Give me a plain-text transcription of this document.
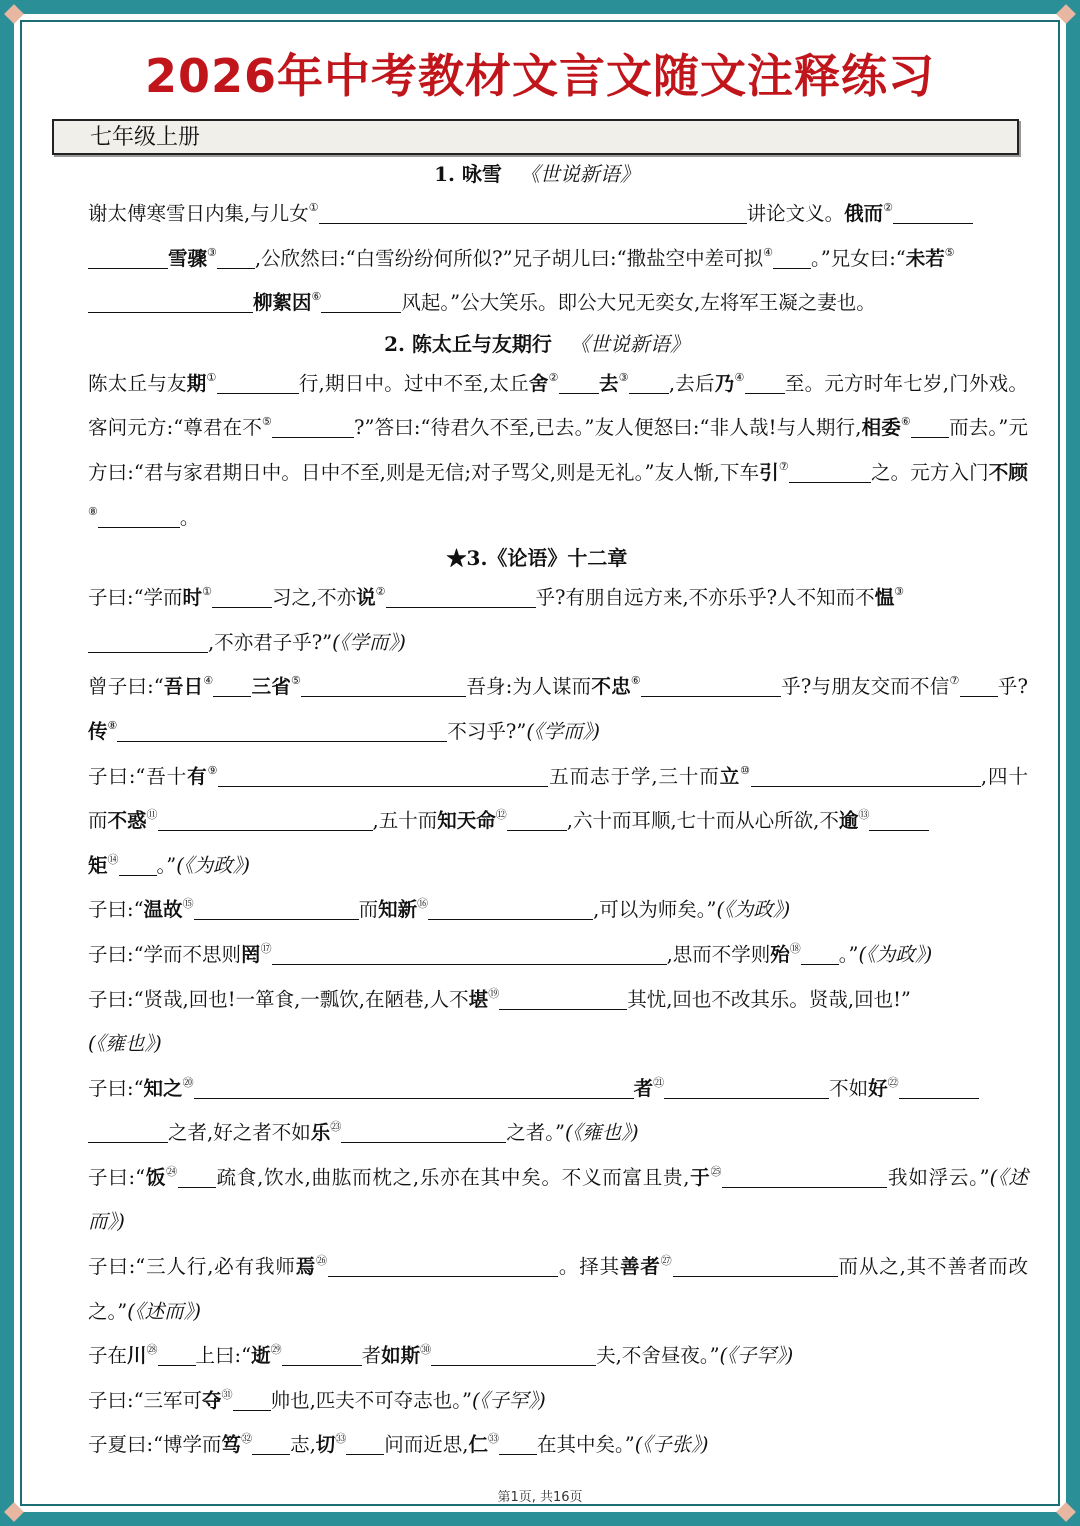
2026年中考教材文言文随文注释练习
七年级上册
1. 咏雪 《世说新语》
谢太傅寒雪日内集,与儿女①	讲论文义。俄而②
雪骤③ ,公欣然曰:“白雪纷纷何所似?”兄子胡儿曰:“撒盐空中差可拟④ 。”兄女曰:“未若⑤
柳絮因⑥	风起。”公大笑乐。即公大兄无奕女,左将军王凝之妻也。
2. 陈太丘与友期行 《世说新语》
陈太丘与友期①	行,期日中。过中不至,太丘舍② 去③ ,去后乃④ 至。元方时年七岁,门外戏。客问元方:“尊君在不⑤	?”答曰:“待君久不至,已去。”友人便怒曰:“非人哉!与人期行,相委⑥ 而去。”元方曰:“君与家君期日中。日中不至,则是无信;对子骂父,则是无礼。”友人惭,下车引⑦	之。元方入门不顾⑧	。
★3.《论语》十二章
子曰:“学而时①	习之,不亦说②	乎?有朋自远方来,不亦乐乎?人不知而不愠③
,不亦君子乎?”(《学而》)
曾子曰:“吾日④ 三省⑤	吾身:为人谋而不忠⑥	乎?与朋友交而不信⑦ 乎?传⑧	不习乎?”(《学而》)
子曰:“吾十有⑨	五而志于学,三十而立⑩	,四十而不惑⑪	,五十而知天命⑫	,六十而耳顺,七十而从心所欲,不逾⑬
矩⑭ 。”(《为政》)
子曰:“温故⑮	而知新⑯	,可以为师矣。”(《为政》)
子曰:“学而不思则罔⑰	,思而不学则殆⑱ 。”(《为政》)
子曰:“贤哉,回也!一箪食,一瓢饮,在陋巷,人不堪⑲	其忧,回也不改其乐。贤哉,回也!”
(《雍也》)
子曰:“知之⑳	者$^㉑$	不如好$^㉒$
之者,好之者不如乐$^㉓$	之者。”(《雍也》)
子曰:“饭$^㉔$ 疏食,饮水,曲肱而枕之,乐亦在其中矣。不义而富且贵,于$^㉕$	我如浮云。”(《述而》)
子曰:“三人行,必有我师焉$^㉖$	。择其善者$^㉗$	而从之,其不善者而改之。”(《述而》)
子在川$^㉘$ 上曰:“逝$^㉙$	者如斯$^㉚$	夫,不舍昼夜。”(《子罕》)
子曰:“三军可夺$^㉛$ 帅也,匹夫不可夺志也。”(《子罕》)
子夏曰:“博学而笃$^㉜$ 志,切$^㉝$ 问而近思,仁$^㉝$ 在其中矣。”(《子张》)
第1页, 共16页
